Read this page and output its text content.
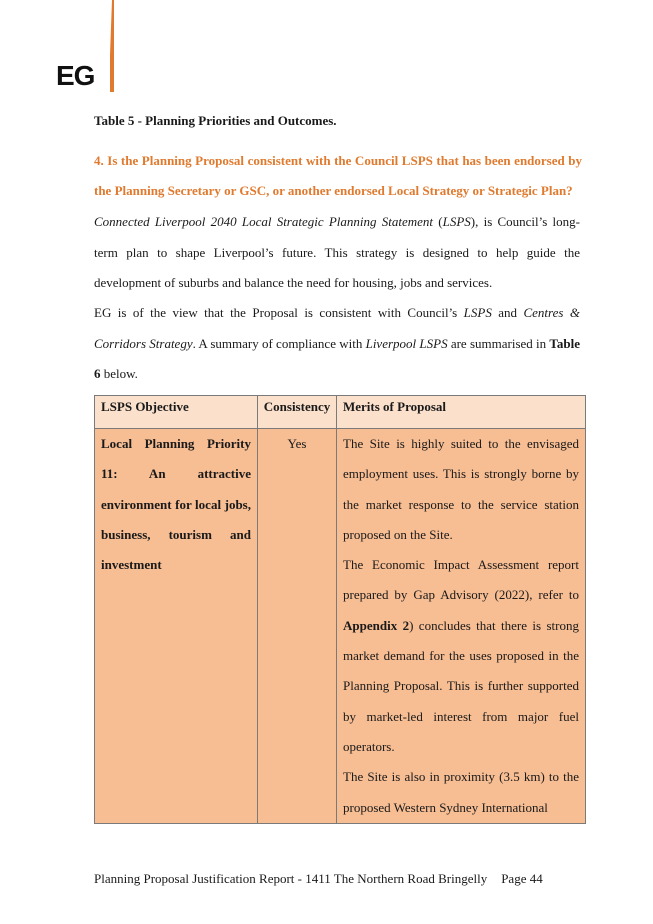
EG
Table 5 - Planning Priorities and Outcomes.
4. Is the Planning Proposal consistent with the Council LSPS that has been endorsed by the Planning Secretary or GSC, or another endorsed Local Strategy or Strategic Plan?
Connected Liverpool 2040 Local Strategic Planning Statement (LSPS), is Council’s long-term plan to shape Liverpool’s future. This strategy is designed to help guide the development of suburbs and balance the need for housing, jobs and services.
EG is of the view that the Proposal is consistent with Council’s LSPS and Centres & Corridors Strategy. A summary of compliance with Liverpool LSPS are summarised in Table 6 below.
LSPS Objective	Consistency	Merits of Proposal
Local Planning Priority 11: An attractive environment for local jobs, business, tourism and investment	Yes	The Site is highly suited to the envisaged employment uses. This is strongly borne by the market response to the service station proposed on the Site.

The Economic Impact Assessment report prepared by Gap Advisory (2022), refer to Appendix 2) concludes that there is strong market demand for the uses proposed in the Planning Proposal. This is further supported by market-led interest from major fuel operators.

The Site is also in proximity (3.5 km) to the proposed Western Sydney International

Planning Proposal Justification Report - 1411 The Northern Road Bringelly Page 44
